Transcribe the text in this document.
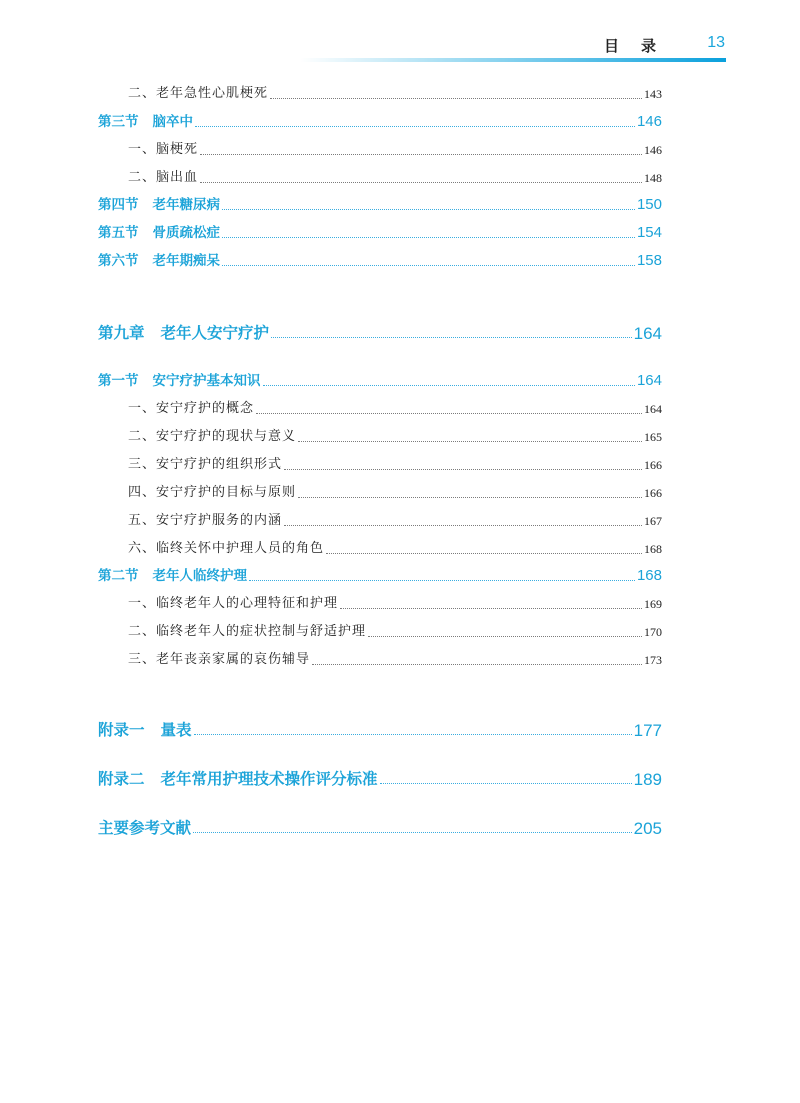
目录 13
二、老年急性心肌梗死	143
第三节 脑卒中	146
一、脑梗死	146
二、脑出血	148
第四节 老年糖尿病	150
第五节 骨质疏松症	154
第六节 老年期痴呆	158
第九章 老年人安宁疗护	164
第一节 安宁疗护基本知识	164
一、安宁疗护的概念	164
二、安宁疗护的现状与意义	165
三、安宁疗护的组织形式	166
四、安宁疗护的目标与原则	166
五、安宁疗护服务的内涵	167
六、临终关怀中护理人员的角色	168
第二节 老年人临终护理	168
一、临终老年人的心理特征和护理	169
二、临终老年人的症状控制与舒适护理	170
三、老年丧亲家属的哀伤辅导	173
附录一 量表	177
附录二 老年常用护理技术操作评分标准	189
主要参考文献	205
